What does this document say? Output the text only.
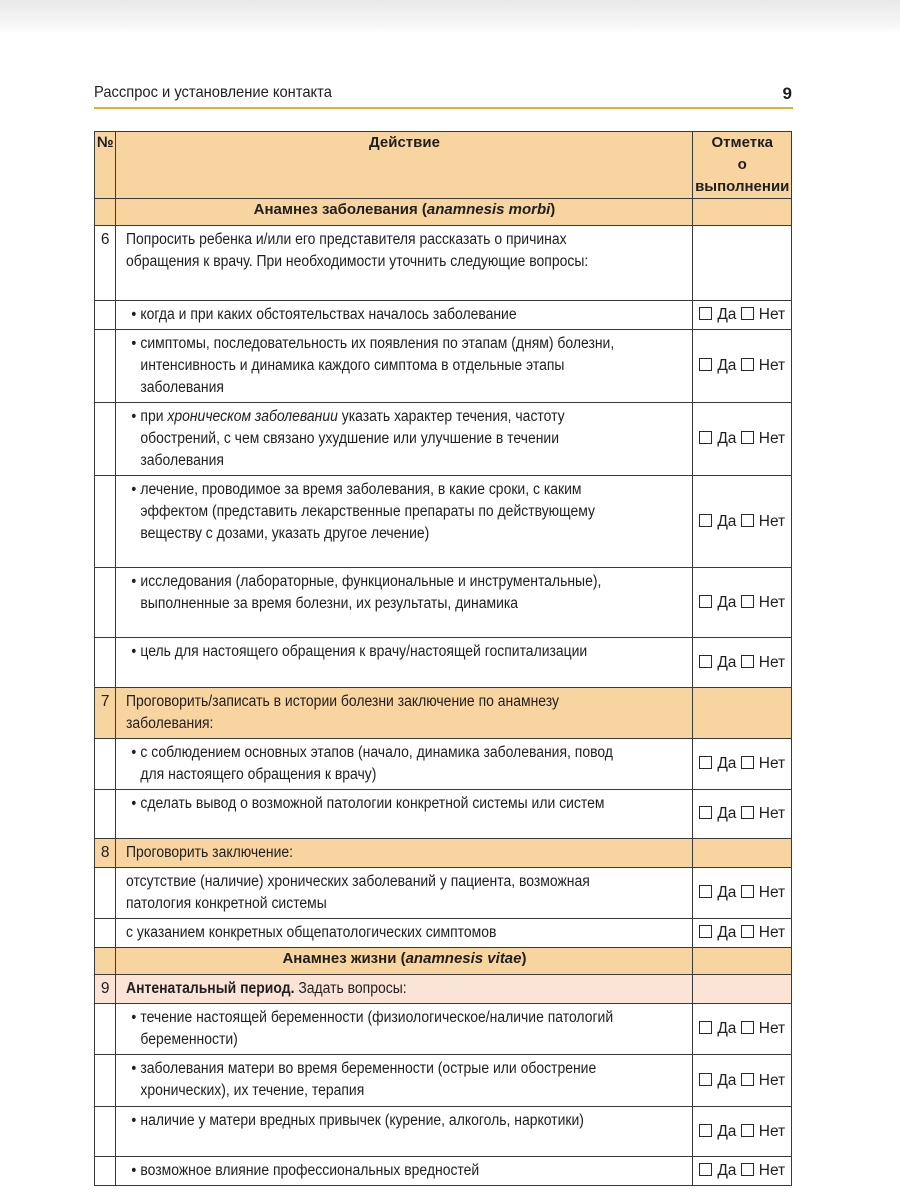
Расспрос и установление контакта	9
№	Действие	Отметка
о выполнении
	Анамнез заболевания (anamnesis morbi)	
6	Попросить ребенка и/или его представителя рассказать о причинах обращения к врачу. При необходимости уточнить следующие вопросы:	

	• когда и при каких обстоятельствах началось заболевание	Да Нет

	• симптомы, последовательность их появления по этапам (дням) болезни, интенсивность и динамика каждого симптома в отдельные этапы заболевания	Да Нет

	• при хроническом заболевании указать характер течения, частоту обострений, с чем связано ухудшение или улучшение в течении заболевания	Да Нет

	• лечение, проводимое за время заболевания, в какие сроки, с каким эффектом (представить лекарственные препараты по действующему веществу с дозами, указать другое лечение)	Да Нет

	• исследования (лабораторные, функциональные и инструментальные), выполненные за время болезни, их результаты, динамика	Да Нет

	• цель для настоящего обращения к врачу/настоящей госпитализации	Да Нет
7	Проговорить/записать в истории болезни заключение по анамнезу заболевания:	

	• с соблюдением основных этапов (начало, динамика заболевания, повод для настоящего обращения к врачу)	Да Нет

	• сделать вывод о возможной патологии конкретной системы или систем	Да Нет
8	Проговорить заключение:	

	отсутствие (наличие) хронических заболеваний у пациента, возможная патология конкретной системы	Да Нет

	с указанием конкретных общепатологических симптомов	Да Нет
	Анамнез жизни (anamnesis vitae)	
9	Антенатальный период. Задать вопросы:	

	• течение настоящей беременности (физиологическое/наличие патологий беременности)	Да Нет

	• заболевания матери во время беременности (острые или обострение хронических), их течение, терапия	Да Нет

	• наличие у матери вредных привычек (курение, алкоголь, наркотики)	Да Нет

	• возможное влияние профессиональных вредностей	Да Нет
